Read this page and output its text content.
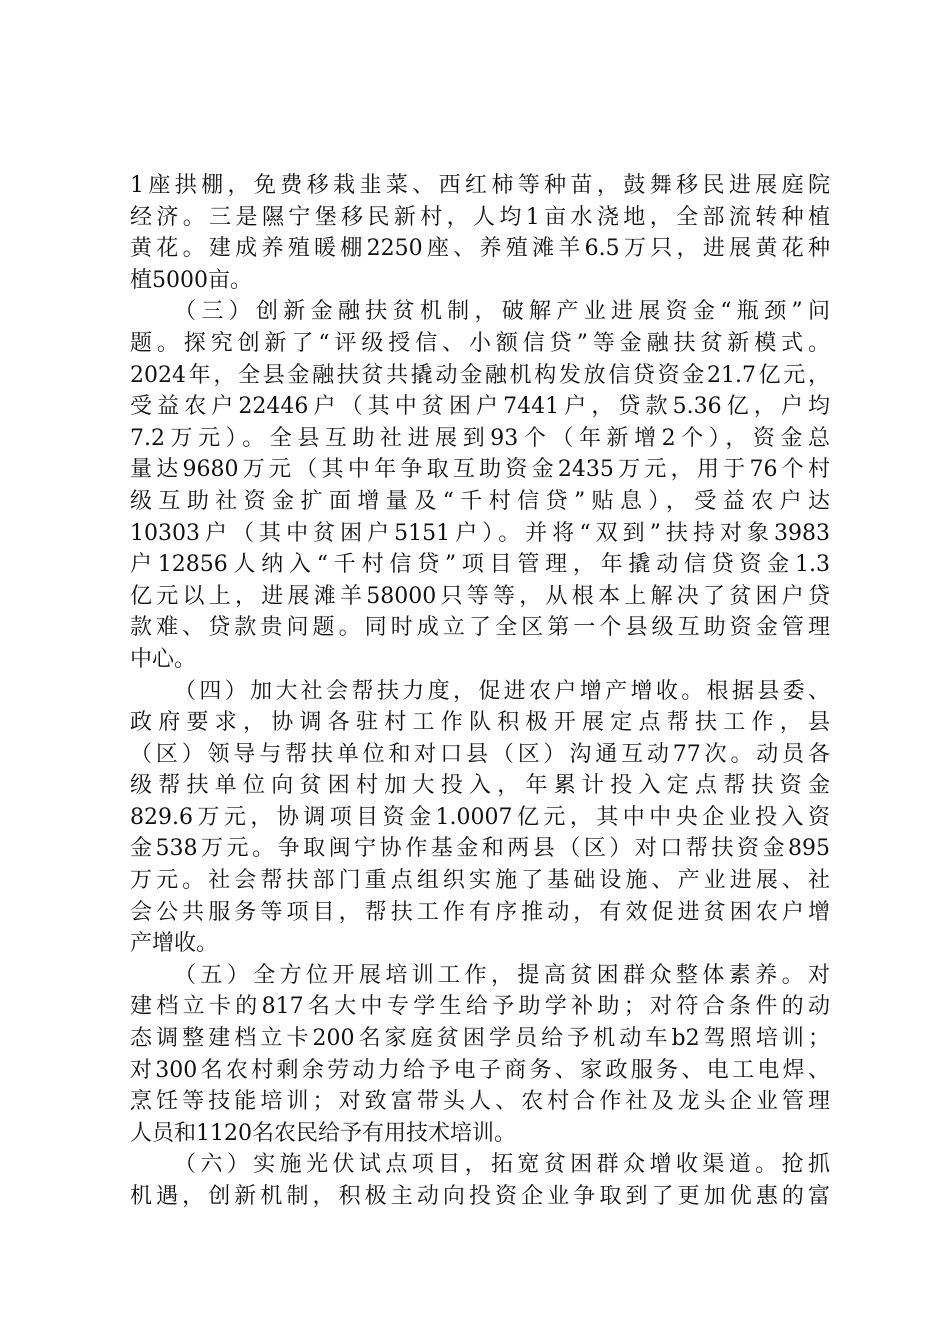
1座拱棚，免费移栽韭菜、西红柿等种苗，鼓舞移民进展庭院
经济。三是隰宁堡移民新村，人均1亩水浇地，全部流转种植
黄花。建成养殖暖棚2250座、养殖滩羊6.5万只，进展黄花种
植5000亩。
（三）创新金融扶贫机制，破解产业进展资金“瓶颈”问
题。探究创新了“评级授信、小额信贷”等金融扶贫新模式。
2024年，全县金融扶贫共撬动金融机构发放信贷资金21.7亿元，
受益农户22446户（其中贫困户7441户，贷款5.36亿，户均
7.2万元）。全县互助社进展到93个（年新增2个），资金总
量达9680万元（其中年争取互助资金2435万元，用于76个村
级互助社资金扩面增量及“千村信贷”贴息），受益农户达
10303户（其中贫困户5151户）。并将“双到”扶持对象3983
户12856人纳入“千村信贷”项目管理，年撬动信贷资金1.3
亿元以上，进展滩羊58000只等等，从根本上解决了贫困户贷
款难、贷款贵问题。同时成立了全区第一个县级互助资金管理
中心。
（四）加大社会帮扶力度，促进农户增产增收。根据县委、
政府要求，协调各驻村工作队积极开展定点帮扶工作，县
（区）领导与帮扶单位和对口县（区）沟通互动77次。动员各
级帮扶单位向贫困村加大投入，年累计投入定点帮扶资金
829.6万元，协调项目资金1.0007亿元，其中中央企业投入资
金538万元。争取闽宁协作基金和两县（区）对口帮扶资金895
万元。社会帮扶部门重点组织实施了基础设施、产业进展、社
会公共服务等项目，帮扶工作有序推动，有效促进贫困农户增
产增收。
（五）全方位开展培训工作，提高贫困群众整体素养。对
建档立卡的817名大中专学生给予助学补助；对符合条件的动
态调整建档立卡200名家庭贫困学员给予机动车b2驾照培训；
对300名农村剩余劳动力给予电子商务、家政服务、电工电焊、
烹饪等技能培训；对致富带头人、农村合作社及龙头企业管理
人员和1120名农民给予有用技术培训。
（六）实施光伏试点项目，拓宽贫困群众增收渠道。抢抓
机遇，创新机制，积极主动向投资企业争取到了更加优惠的富
